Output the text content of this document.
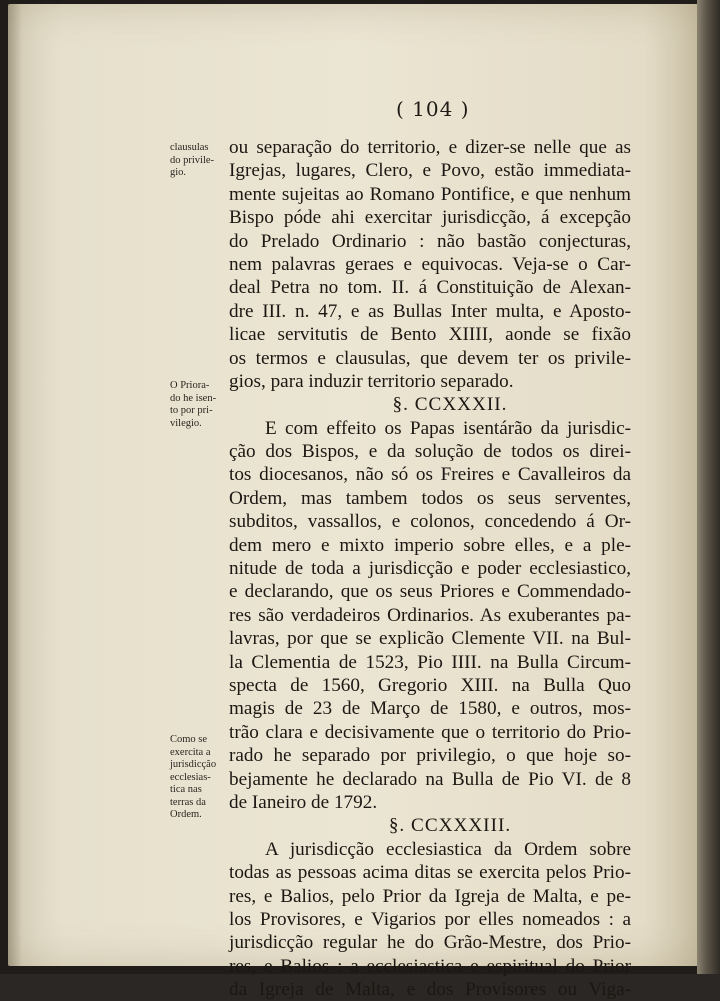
( 104 )
clausulas
do privile-
gio.
O Priora-
do he isen-
to por pri-
vilegio.
Como se
exercita a
jurisdicção
ecclesias-
tica nas
terras da
Ordem.
ou separação do territorio, e dizer-se nelle que as
Igrejas, lugares, Clero, e Povo, estão immediata-
mente sujeitas ao Romano Pontifice, e que nenhum
Bispo póde ahi exercitar jurisdicção, á excepção
do Prelado Ordinario : não bastão conjecturas,
nem palavras geraes e equivocas. Veja-se o Car-
deal Petra no tom. II. á Constituição de Alexan-
dre III. n. 47, e as Bullas Inter multa, e Aposto-
licae servitutis de Bento XIIII, aonde se fixão
os termos e clausulas, que devem ter os privile-
gios, para induzir territorio separado.
§. CCXXXII.
E com effeito os Papas isentárão da jurisdic-
ção dos Bispos, e da solução de todos os direi-
tos diocesanos, não só os Freires e Cavalleiros da
Ordem, mas tambem todos os seus serventes,
subditos, vassallos, e colonos, concedendo á Or-
dem mero e mixto imperio sobre elles, e a ple-
nitude de toda a jurisdicção e poder ecclesiastico,
e declarando, que os seus Priores e Commendado-
res são verdadeiros Ordinarios. As exuberantes pa-
lavras, por que se explicão Clemente VII. na Bul-
la Clementia de 1523, Pio IIII. na Bulla Circum-
specta de 1560, Gregorio XIII. na Bulla Quo
magis de 23 de Março de 1580, e outros, mos-
trão clara e decisivamente que o territorio do Prio-
rado he separado por privilegio, o que hoje so-
bejamente he declarado na Bulla de Pio VI. de 8
de Ianeiro de 1792.
§. CCXXXIII.
A jurisdicção ecclesiastica da Ordem sobre
todas as pessoas acima ditas se exercita pelos Prio-
res, e Balios, pelo Prior da Igreja de Malta, e pe-
los Provisores, e Vigarios por elles nomeados : a
jurisdicção regular he do Grão-Mestre, dos Prio-
res, e Balios : a ecclesiastica e espiritual do Prior
da Igreja de Malta, e dos Provisores ou Viga-
